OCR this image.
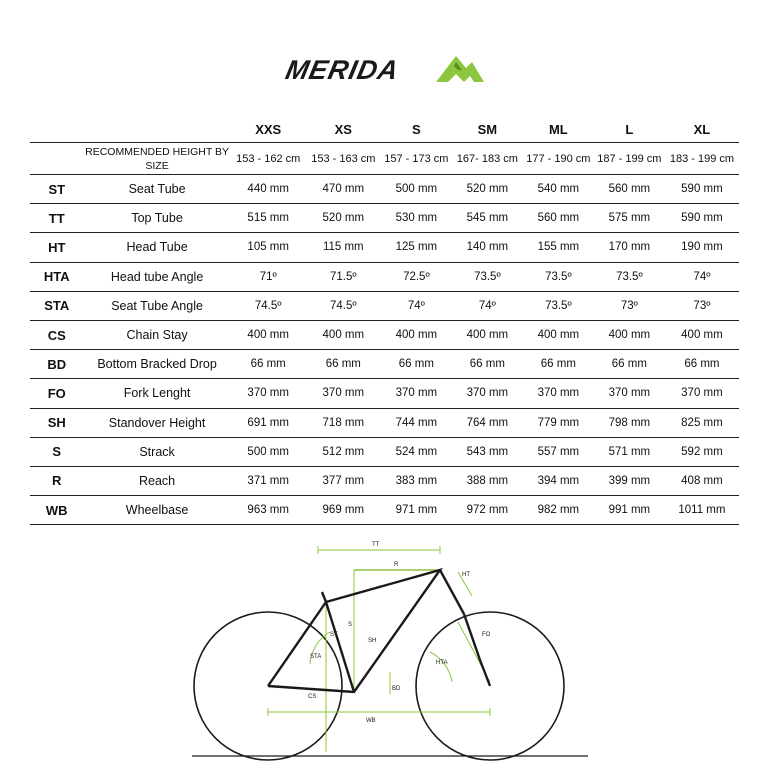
MERIDA
		XXS	XS	S	SM	ML	L	XL
	RECOMMENDED HEIGHT BY SIZE	153 - 162 cm	153 - 163 cm	157 - 173 cm	167- 183 cm	177 - 190 cm	187 - 199 cm	183 - 199 cm
ST	Seat Tube	440 mm	470 mm	500 mm	520 mm	540 mm	560 mm	590 mm
TT	Top Tube	515 mm	520 mm	530 mm	545 mm	560 mm	575 mm	590 mm
HT	Head Tube	105 mm	115 mm	125 mm	140 mm	155 mm	170 mm	190 mm
HTA	Head tube Angle	71º	71.5º	72.5º	73.5º	73.5º	73.5º	74º
STA	Seat Tube Angle	74.5º	74.5º	74º	74º	73.5º	73º	73º
CS	Chain Stay	400 mm	400 mm	400 mm	400 mm	400 mm	400 mm	400 mm
BD	Bottom Bracked Drop	66 mm	66 mm	66 mm	66 mm	66 mm	66 mm	66 mm
FO	Fork Lenght	370 mm	370 mm	370 mm	370 mm	370 mm	370 mm	370 mm
SH	Standover Height	691 mm	718 mm	744 mm	764 mm	779 mm	798 mm	825 mm
S	Strack	500 mm	512 mm	524 mm	543 mm	557 mm	571 mm	592 mm
R	Reach	371 mm	377 mm	383 mm	388 mm	394 mm	399 mm	408 mm
WB	Wheelbase	963 mm	969 mm	971 mm	972 mm	982 mm	991 mm	1011 mm
TT
R
HT
ST
S
SH
FO
STA
HTA
CS
BD
WB
